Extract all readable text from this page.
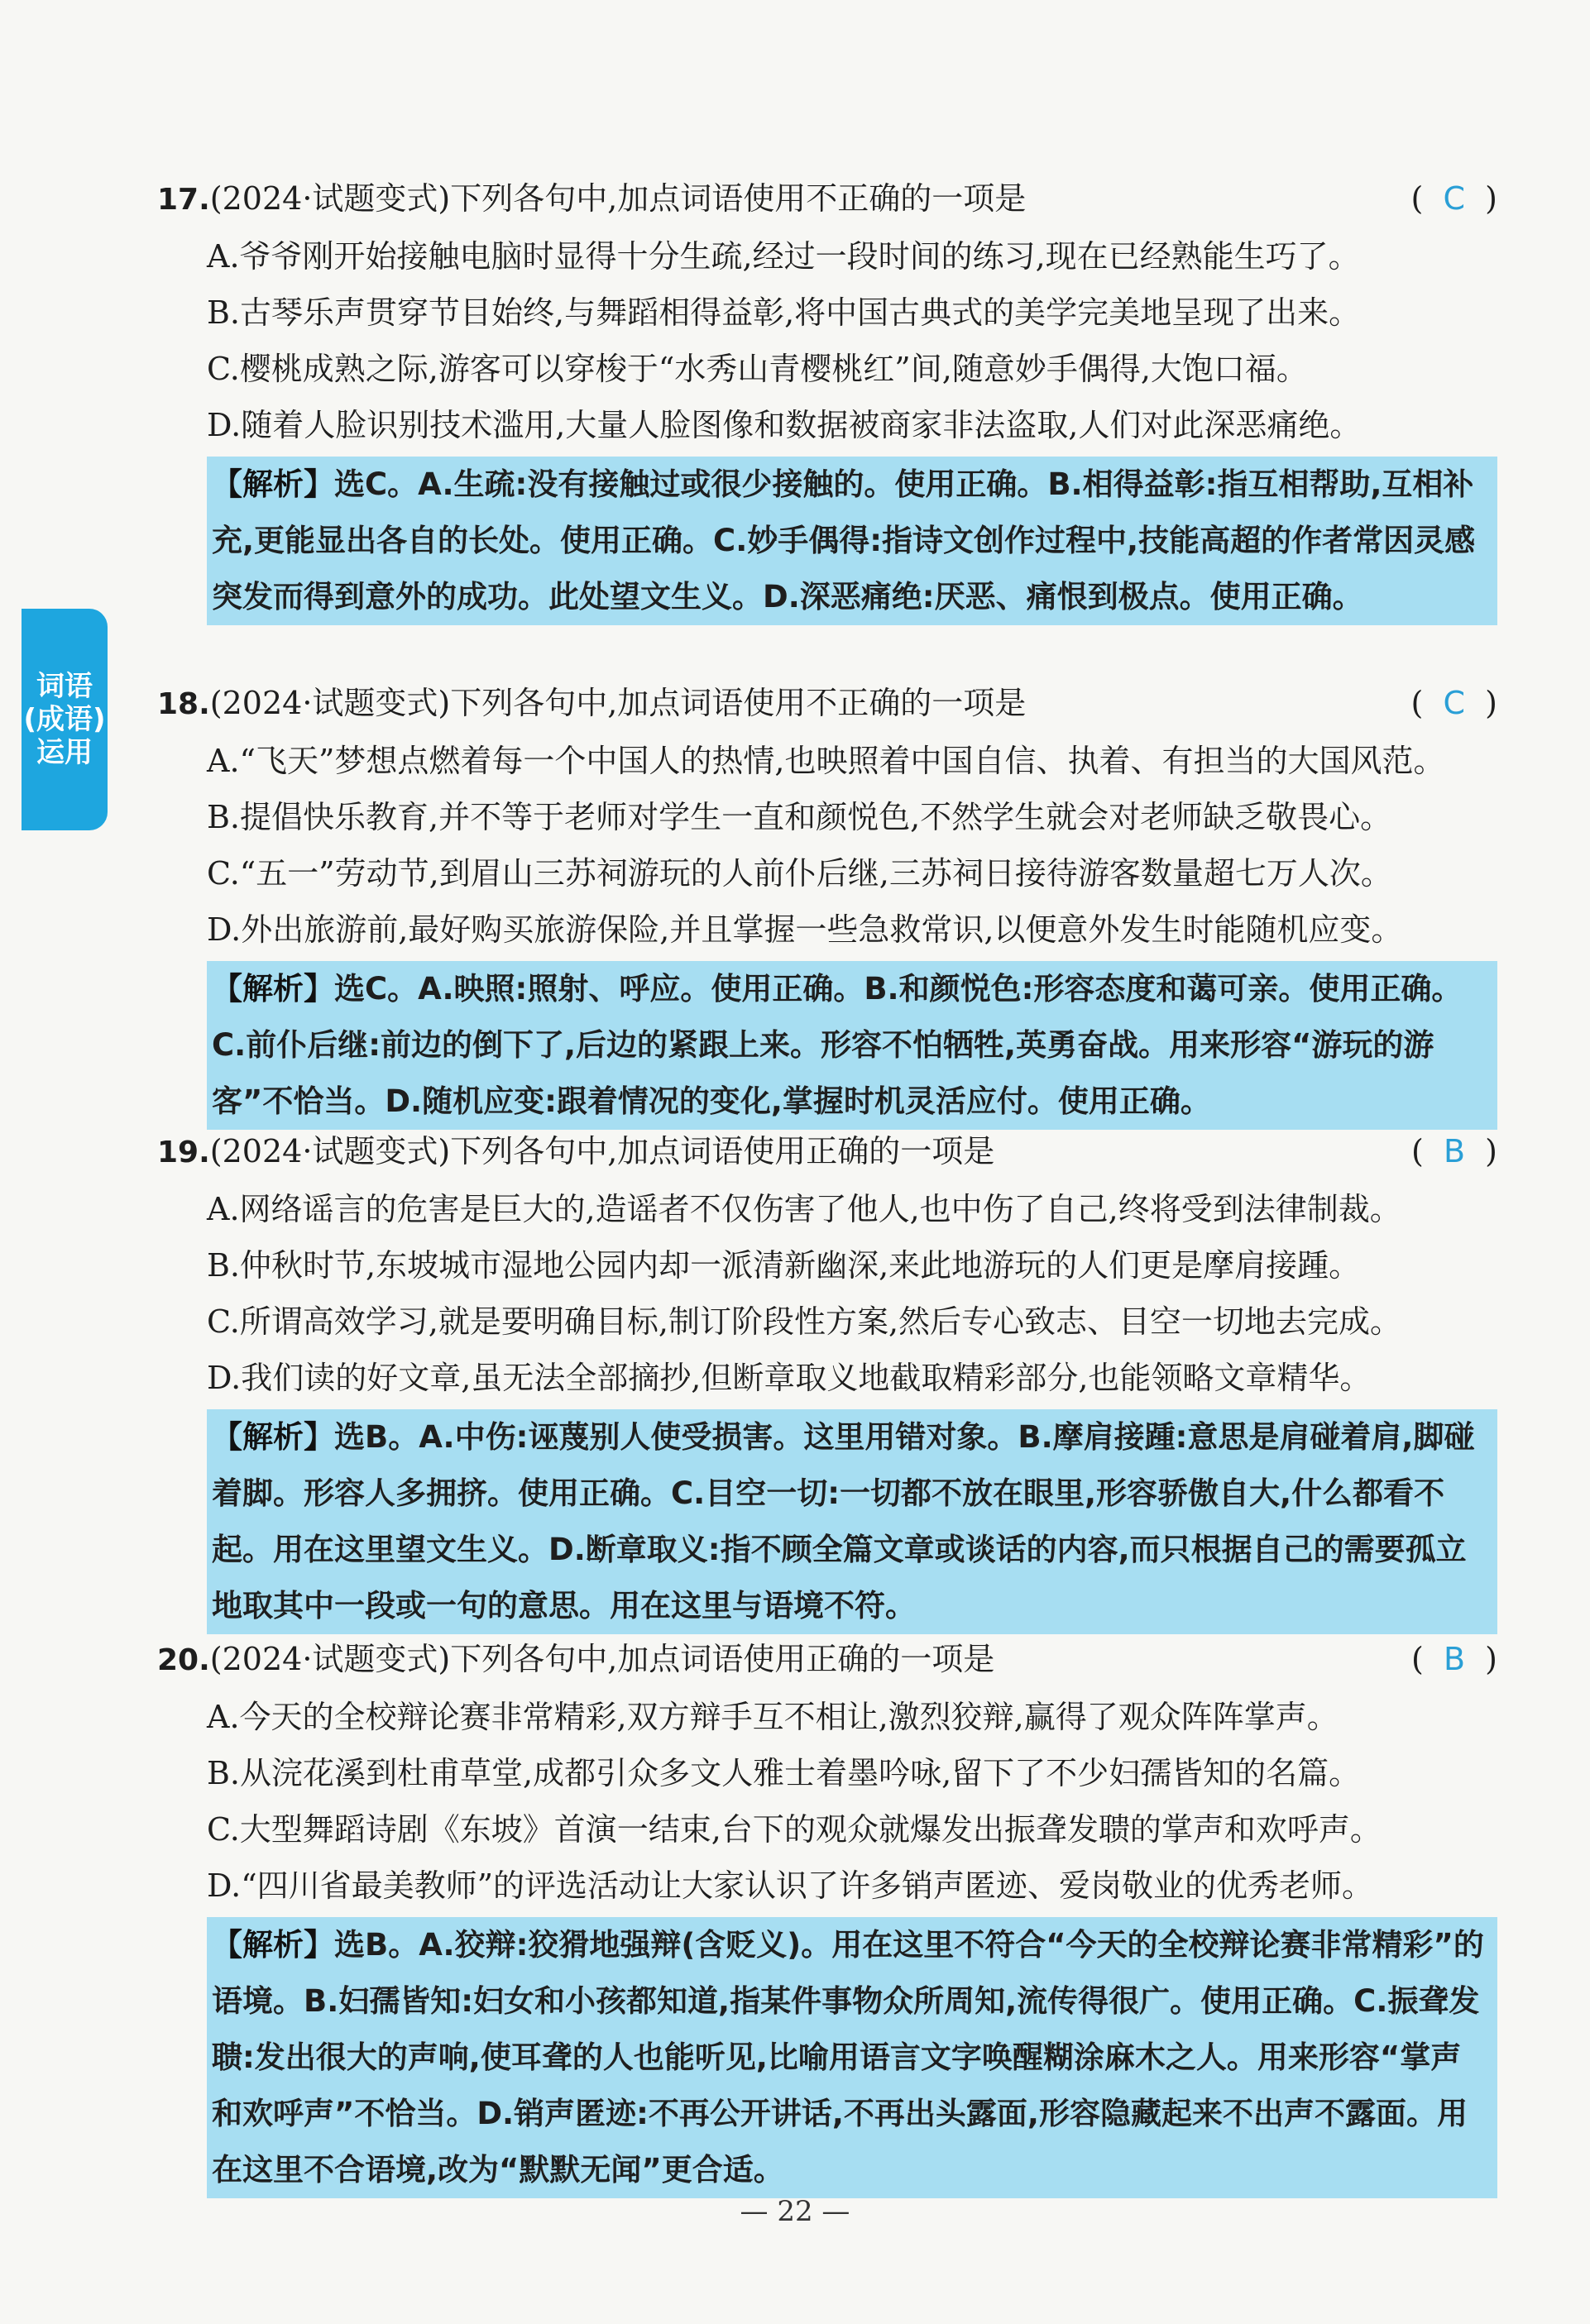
词语
(成语)
运用
17. (2024·试题变式)下列各句中,加点词语使用不正确的一项是	(  C  )
A.爷爷刚开始接触电脑时显得十分生疏,经过一段时间的练习,现在已经熟能生巧了。
B.古琴乐声贯穿节目始终,与舞蹈相得益彰,将中国古典式的美学完美地呈现了出来。
C.樱桃成熟之际,游客可以穿梭于“水秀山青樱桃红”间,随意妙手偶得,大饱口福。
D.随着人脸识别技术滥用,大量人脸图像和数据被商家非法盗取,人们对此深恶痛绝。
【解析】选C。A.生疏:没有接触过或很少接触的。使用正确。B.相得益彰:指互相帮助,互相补充,更能显出各自的长处。使用正确。C.妙手偶得:指诗文创作过程中,技能高超的作者常因灵感突发而得到意外的成功。此处望文生义。D.深恶痛绝:厌恶、痛恨到极点。使用正确。
18. (2024·试题变式)下列各句中,加点词语使用不正确的一项是	(  C  )
A.“飞天”梦想点燃着每一个中国人的热情,也映照着中国自信、执着、有担当的大国风范。
B.提倡快乐教育,并不等于老师对学生一直和颜悦色,不然学生就会对老师缺乏敬畏心。
C.“五一”劳动节,到眉山三苏祠游玩的人前仆后继,三苏祠日接待游客数量超七万人次。
D.外出旅游前,最好购买旅游保险,并且掌握一些急救常识,以便意外发生时能随机应变。
【解析】选C。A.映照:照射、呼应。使用正确。B.和颜悦色:形容态度和蔼可亲。使用正确。C.前仆后继:前边的倒下了,后边的紧跟上来。形容不怕牺牲,英勇奋战。用来形容“游玩的游客”不恰当。D.随机应变:跟着情况的变化,掌握时机灵活应付。使用正确。
19. (2024·试题变式)下列各句中,加点词语使用正确的一项是	(  B  )
A.网络谣言的危害是巨大的,造谣者不仅伤害了他人,也中伤了自己,终将受到法律制裁。
B.仲秋时节,东坡城市湿地公园内却一派清新幽深,来此地游玩的人们更是摩肩接踵。
C.所谓高效学习,就是要明确目标,制订阶段性方案,然后专心致志、目空一切地去完成。
D.我们读的好文章,虽无法全部摘抄,但断章取义地截取精彩部分,也能领略文章精华。
【解析】选B。A.中伤:诬蔑别人使受损害。这里用错对象。B.摩肩接踵:意思是肩碰着肩,脚碰着脚。形容人多拥挤。使用正确。C.目空一切:一切都不放在眼里,形容骄傲自大,什么都看不起。用在这里望文生义。D.断章取义:指不顾全篇文章或谈话的内容,而只根据自己的需要孤立地取其中一段或一句的意思。用在这里与语境不符。
20. (2024·试题变式)下列各句中,加点词语使用正确的一项是	(  B  )
A.今天的全校辩论赛非常精彩,双方辩手互不相让,激烈狡辩,赢得了观众阵阵掌声。
B.从浣花溪到杜甫草堂,成都引众多文人雅士着墨吟咏,留下了不少妇孺皆知的名篇。
C.大型舞蹈诗剧《东坡》首演一结束,台下的观众就爆发出振聋发聩的掌声和欢呼声。
D.“四川省最美教师”的评选活动让大家认识了许多销声匿迹、爱岗敬业的优秀老师。
【解析】选B。A.狡辩:狡猾地强辩(含贬义)。用在这里不符合“今天的全校辩论赛非常精彩”的语境。B.妇孺皆知:妇女和小孩都知道,指某件事物众所周知,流传得很广。使用正确。C.振聋发聩:发出很大的声响,使耳聋的人也能听见,比喻用语言文字唤醒糊涂麻木之人。用来形容“掌声和欢呼声”不恰当。D.销声匿迹:不再公开讲话,不再出头露面,形容隐藏起来不出声不露面。用在这里不合语境,改为“默默无闻”更合适。
— 22 —
